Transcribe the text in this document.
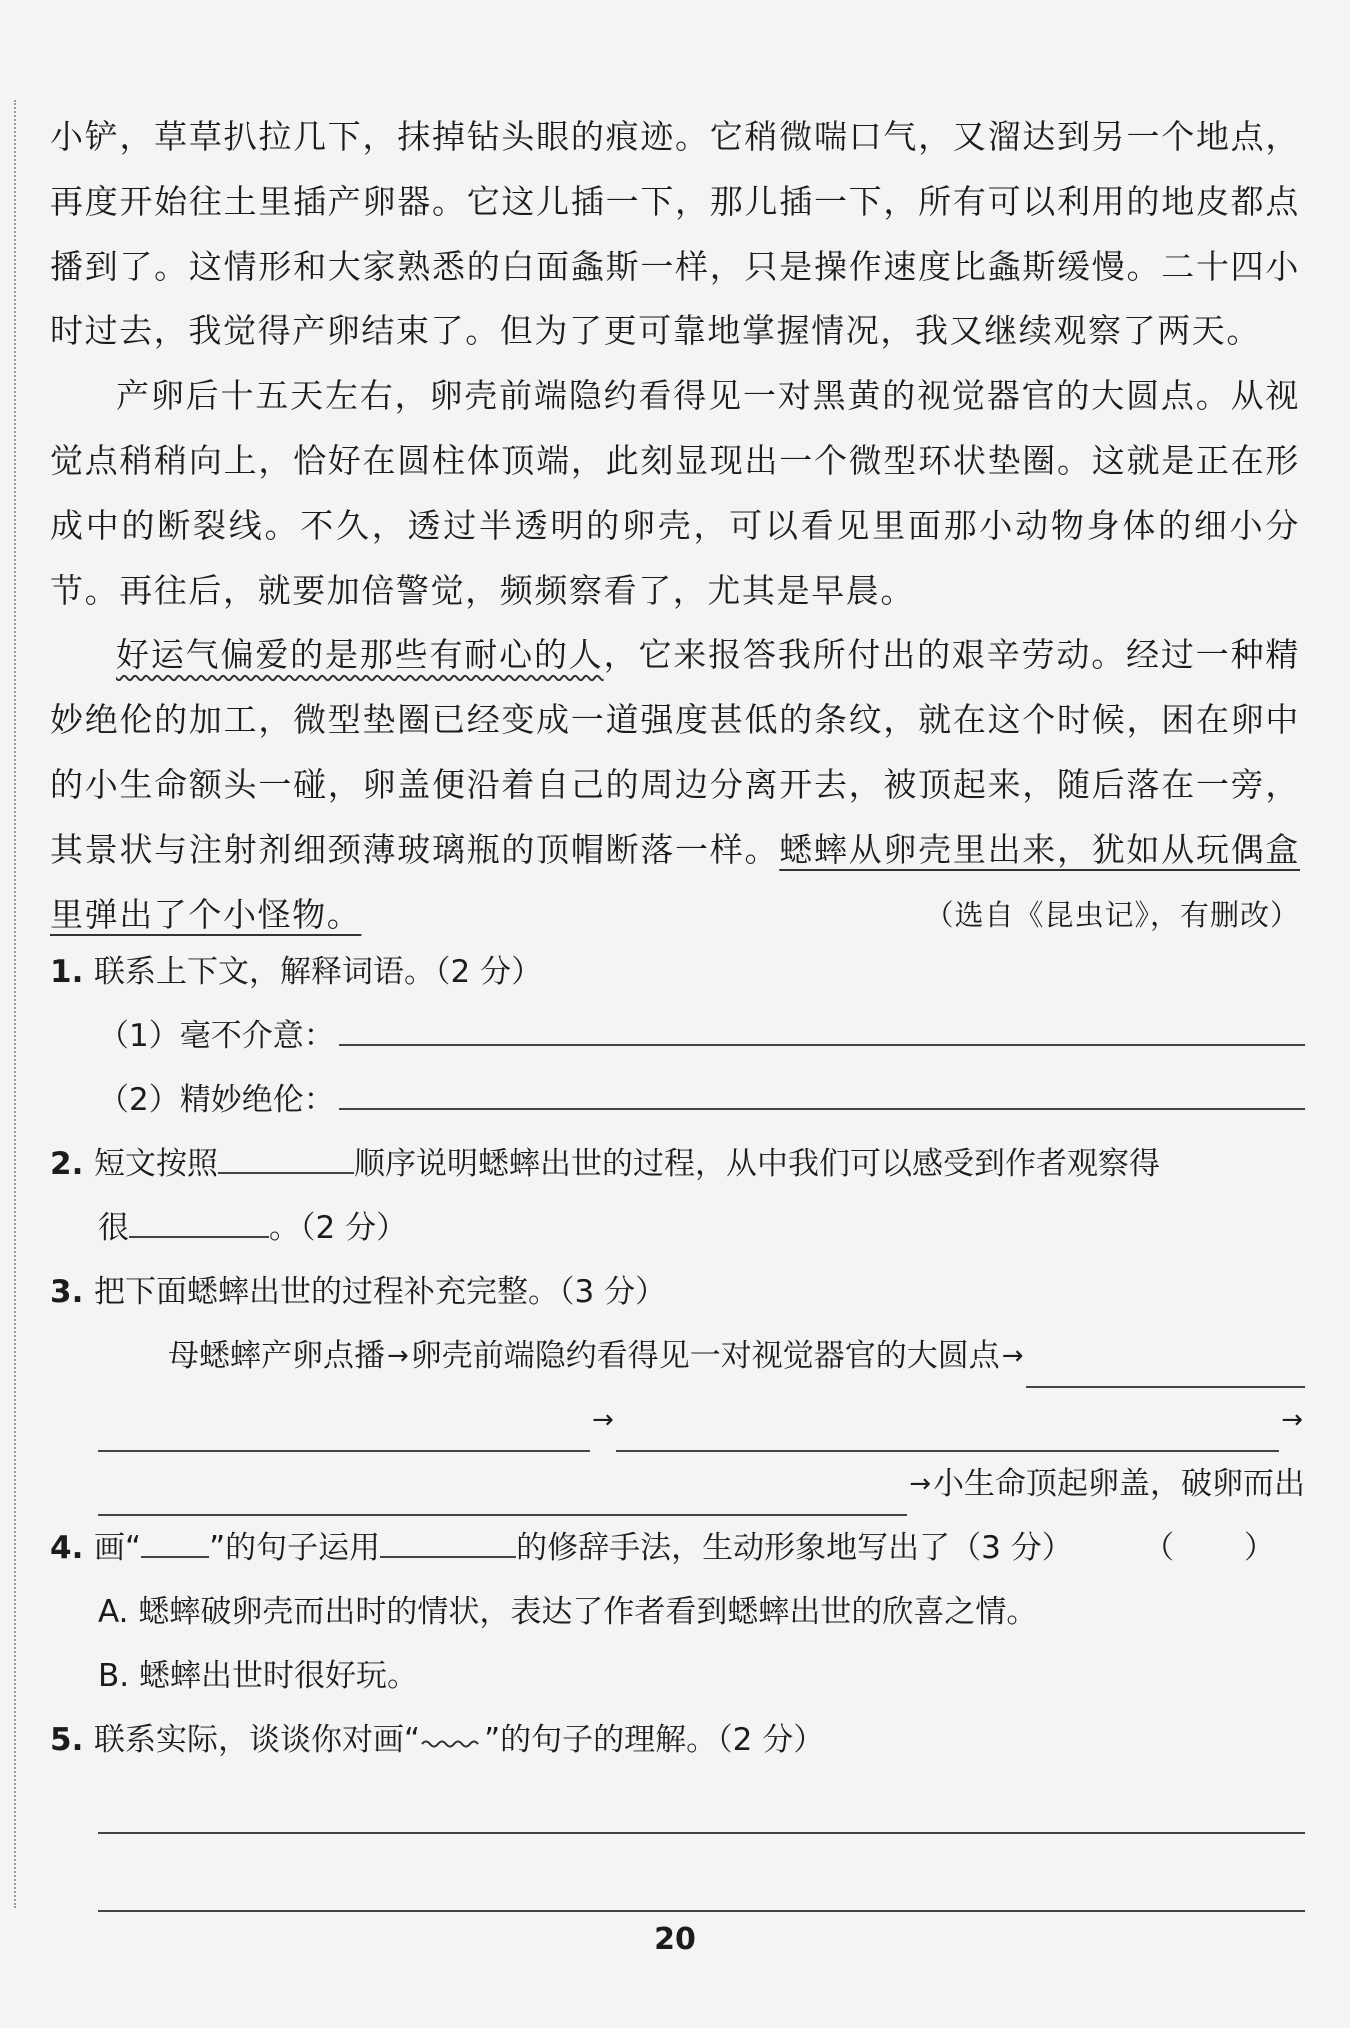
小铲，草草扒拉几下，抹掉钻头眼的痕迹。它稍微喘口气，又溜达到另一个地点，再度开始往土里插产卵器。它这儿插一下，那儿插一下，所有可以利用的地皮都点播到了。这情形和大家熟悉的白面螽斯一样，只是操作速度比螽斯缓慢。二十四小时过去，我觉得产卵结束了。但为了更可靠地掌握情况，我又继续观察了两天。

产卵后十五天左右，卵壳前端隐约看得见一对黑黄的视觉器官的大圆点。从视觉点稍稍向上，恰好在圆柱体顶端，此刻显现出一个微型环状垫圈。这就是正在形成中的断裂线。不久，透过半透明的卵壳，可以看见里面那小动物身体的细小分节。再往后，就要加倍警觉，频频察看了，尤其是早晨。

好运气偏爱的是那些有耐心的人，它来报答我所付出的艰辛劳动。经过一种精妙绝伦的加工，微型垫圈已经变成一道强度甚低的条纹，就在这个时候，困在卵中的小生命额头一碰，卵盖便沿着自己的周边分离开去，被顶起来，随后落在一旁，其景状与注射剂细颈薄玻璃瓶的顶帽断落一样。蟋蟀从卵壳里出来，犹如从玩偶盒里弹出了个小怪物。	（选自《昆虫记》，有删改）
1. 联系上下文，解释词语。（2 分）
（1）毫不介意：
（2）精妙绝伦：
2. 短文按照	顺序说明蟋蟀出世的过程，从中我们可以感受到作者观察得
很	。（2 分）
3. 把下面蟋蟀出世的过程补充完整。（3 分）
母蟋蟀产卵点播 → 卵壳前端隐约看得见一对视觉器官的大圆点 →
→	→
→ 小生命顶起卵盖，破卵而出
4. 画“ ”的句子运用	的修辞手法，生动形象地写出了（3 分） （ ）
A. 蟋蟀破卵壳而出时的情状，表达了作者看到蟋蟀出世的欣喜之情。
B. 蟋蟀出世时很好玩。
5. 联系实际，谈谈你对画“ ”的句子的理解。（2 分）
20
